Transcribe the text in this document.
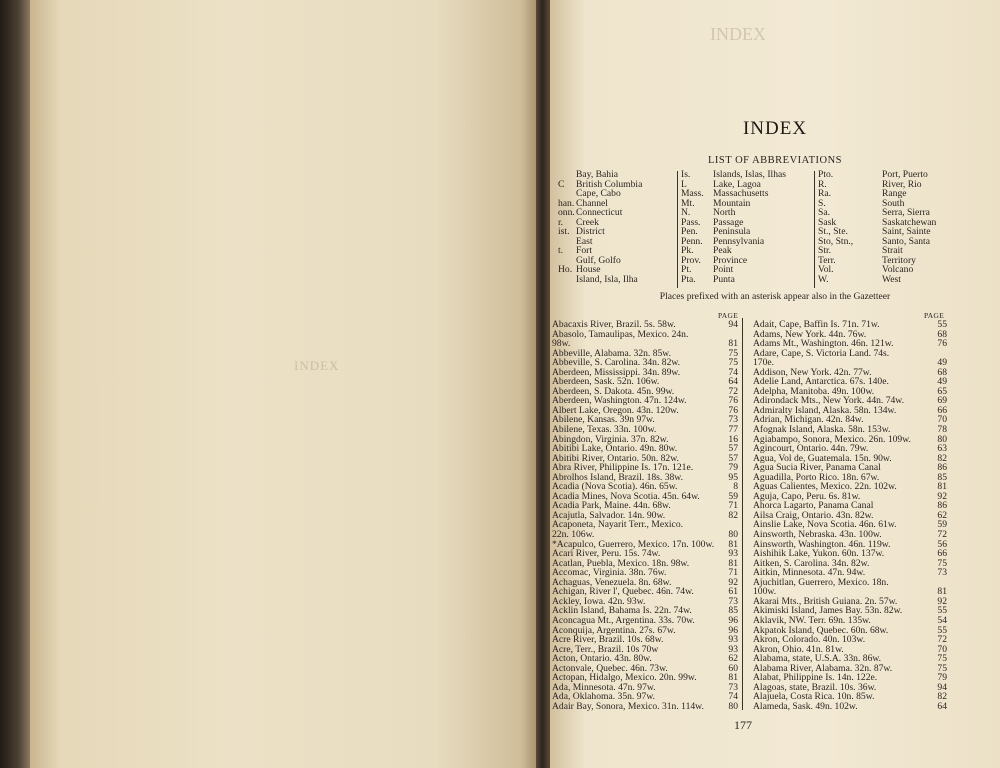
INDEX
INDEX
INDEX
LIST OF ABBREVIATIONS
Bay, Bahia
C British Columbia
Cape, Cabo
han. Channel
onn.Connecticut
r. Creek
ist. District
East
t. Fort
Gulf, Golfo
Ho. House
Island, Isla, Ilha
Is. Islands, Islas, Ilhas
L	Lake, Lagoa
Mass. Massachusetts
Mt. Mountain
N. North
Pass. Passage
Pen. Peninsula
Penn. Pennsylvania
Pk. Peak
Prov. Province
Pt. Point
Pta. Punta
Pto.	Port, Puerto
R.	River, Rio
Ra.	Range
S.	South
Sa.	Serra, Sierra
Sask	Saskatchewan
St., Ste.	Saint, Sainte
Sto, Stn.,	Santo, Santa
Str.	Strait
Terr.	Territory
Vol.	Volcano
W.	West
Places prefixed with an asterisk appear also in the Gazetteer
PAGE	PAGE
Abacaxis River, Brazil. 5s. 58w.	94
Abasolo, Tamaulipas, Mexico. 24n.
98w.	81
Abbeville, Alabama. 32n. 85w.	75
Abbeville, S. Carolina. 34n. 82w.	75
Aberdeen, Mississippi. 34n. 89w.	74
Aberdeen, Sask. 52n. 106w.	64
Aberdeen, S. Dakota. 45n. 99w.	72
Aberdeen, Washington. 47n. 124w.	76
Albert Lake, Oregon. 43n. 120w.	76
Abilene, Kansas. 39n 97w.	73
Abilene, Texas. 33n. 100w.	77
Abingdon, Virginia. 37n. 82w.	16
Abitibi Lake, Ontario. 49n. 80w.	57
Abitibi River, Ontario. 50n. 82w.	57
Abra River, Philippine Is. 17n. 121e.	79
Abrolhos Island, Brazil. 18s. 38w.	95
Acadia (Nova Scotia). 46n. 65w.	8
Acadia Mines, Nova Scotia. 45n. 64w.	59
Acadia Park, Maine. 44n. 68w.	71
Acajutla, Salvador. 14n. 90w.	82
Acaponeta, Nayarit Terr., Mexico.
22n. 106w.	80
*Acapulco, Guerrero, Mexico. 17n. 100w. 81
Acari River, Peru. 15s. 74w.	93
Acatlan, Puebla, Mexico. 18n. 98w.	81
Accomac, Virginia. 38n. 76w.	71
Achaguas, Venezuela. 8n. 68w.	92
Achigan, River l', Quebec. 46n. 74w.	61
Ackley, Iowa. 42n. 93w.	73
Acklin Island, Bahama Is. 22n. 74w.	85
Aconcagua Mt., Argentina. 33s. 70w.	96
Aconquija, Argentina. 27s. 67w.	96
Acre River, Brazil. 10s. 68w.	93
Acre, Terr., Brazil. 10s 70w	93
Acton, Ontario. 43n. 80w.	62
Actonvale, Quebec. 46n. 73w.	60
Actopan, Hidalgo, Mexico. 20n. 99w.	81
Ada, Minnesota. 47n. 97w.	73
Ada, Oklahoma. 35n. 97w.	74
Adair Bay, Sonora, Mexico. 31n. 114w.	80
Adait, Cape, Baffin Is. 71n. 71w.	55
Adams, New York. 44n. 76w.	68
Adams Mt., Washington. 46n. 121w.	76
Adare, Cape, S. Victoria Land. 74s.
170e.	49
Addison, New York. 42n. 77w.	68
Adelie Land, Antarctica. 67s. 140e.	49
Adelpha, Manitoba. 49n. 100w.	65
Adirondack Mts., New York. 44n. 74w.	69
Admiralty Island, Alaska. 58n. 134w.	66
Adrian, Michigan. 42n. 84w.	70
Afognak Island, Alaska. 58n. 153w.	78
Agiabampo, Sonora, Mexico. 26n. 109w.	80
Agincourt, Ontario. 44n. 79w.	63
Agua, Vol de, Guatemala. 15n. 90w.	82
Agua Sucia River, Panama Canal	86
Aguadilla, Porto Rico. 18n. 67w.	85
Aguas Calientes, Mexico. 22n. 102w.	81
Aguja, Capo, Peru. 6s. 81w.	92
Ahorca Lagarto, Panama Canal	86
Ailsa Craig, Ontario. 43n. 82w.	62
Ainslie Lake, Nova Scotia. 46n. 61w.	59
Ainsworth, Nebraska. 43n. 100w.	72
Ainsworth, Washington. 46n. 119w.	56
Aishihik Lake, Yukon. 60n. 137w.	66
Aitken, S. Carolina. 34n. 82w.	75
Aitkin, Minnesota. 47n. 94w.	73
Ajuchitlan, Guerrero, Mexico. 18n.
100w.	81
Akarai Mts., British Guiana. 2n. 57w.	92
Akimiski Island, James Bay. 53n. 82w.	55
Aklavik, NW. Terr. 69n. 135w.	54
Akpatok Island, Quebec. 60n. 68w.	55
Akron, Colorado. 40n. 103w.	72
Akron, Ohio. 41n. 81w.	70
Alabama, state, U.S.A. 33n. 86w.	75
Alabama River, Alabama. 32n. 87w.	75
Alabat, Philippine Is. 14n. 122e.	79
Alagoas, state, Brazil. 10s. 36w.	94
Alajuela, Costa Rica. 10n. 85w.	82
Alameda, Sask. 49n. 102w.	64
177
